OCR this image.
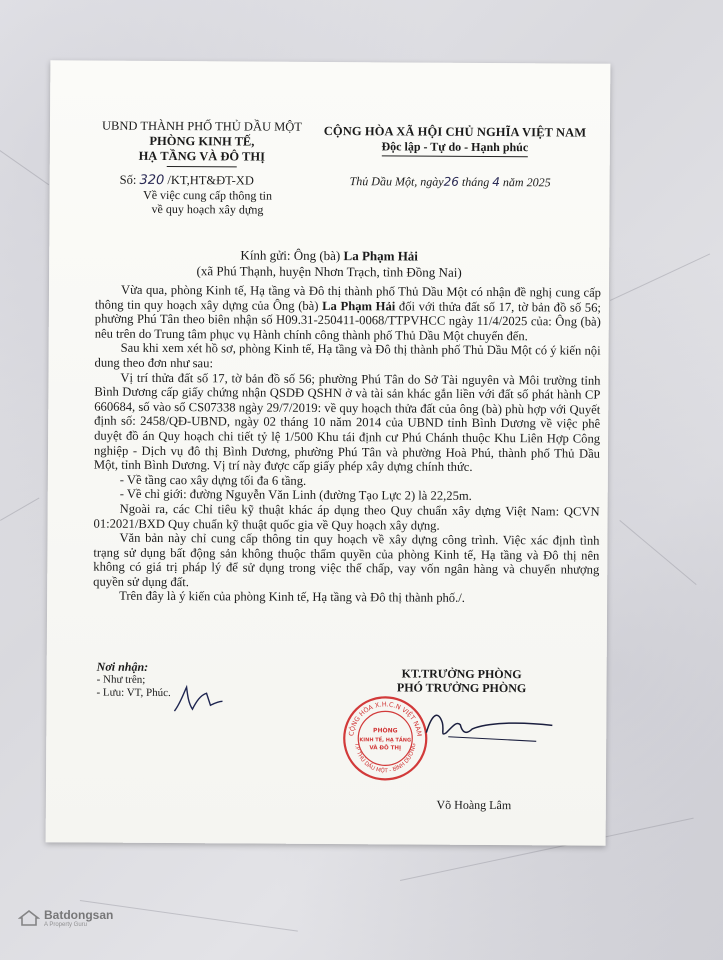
UBND THÀNH PHỐ THỦ DẦU MỘT
PHÒNG KINH TẾ,
HẠ TẦNG VÀ ĐÔ THỊ
CỘNG HÒA XÃ HỘI CHỦ NGHĨA VIỆT NAM
Độc lập - Tự do - Hạnh phúc
Số: 320 /KT,HT&ĐT-XD
Về việc cung cấp thông tin
về quy hoạch xây dựng
Thủ Dầu Một, ngày26 tháng 4 năm 2025
Kính gửi: Ông (bà) La Phạm Hải
(xã Phú Thạnh, huyện Nhơn Trạch, tỉnh Đồng Nai)

Vừa qua, phòng Kinh tế, Hạ tầng và Đô thị thành phố Thủ Dầu Một có nhận đề nghị cung cấp thông tin quy hoạch xây dựng của Ông (bà) La Phạm Hải đối với thửa đất số 17, tờ bản đồ số 56; phường Phú Tân theo biên nhận số H09.31-250411-0068/TTPVHCC ngày 11/4/2025 của: Ông (bà) nêu trên do Trung tâm phục vụ Hành chính công thành phố Thủ Dầu Một chuyển đến.

Sau khi xem xét hồ sơ, phòng Kinh tế, Hạ tầng và Đô thị thành phố Thủ Dầu Một có ý kiến nội dung theo đơn như sau:

Vị trí thửa đất số 17, tờ bản đồ số 56; phường Phú Tân do Sở Tài nguyên và Môi trường tỉnh Bình Dương cấp giấy chứng nhận QSDĐ QSHN ở và tài sản khác gắn liền với đất số phát hành CP 660684, số vào sổ CS07338 ngày 29/7/2019: về quy hoạch thửa đất của ông (bà) phù hợp với Quyết định số: 2458/QĐ-UBND, ngày 02 tháng 10 năm 2014 của UBND tỉnh Bình Dương về việc phê duyệt đồ án Quy hoạch chi tiết tỷ lệ 1/500 Khu tái định cư Phú Chánh thuộc Khu Liên Hợp Công nghiệp - Dịch vụ đô thị Bình Dương, phường Phú Tân và phường Hoà Phú, thành phố Thủ Dầu Một, tỉnh Bình Dương. Vị trí này được cấp giấy phép xây dựng chính thức.

- Về tầng cao xây dựng tối đa 6 tầng.

- Về chỉ giới: đường Nguyễn Văn Linh (đường Tạo Lực 2) là 22,25m.

Ngoài ra, các Chỉ tiêu kỹ thuật khác áp dụng theo Quy chuẩn xây dựng Việt Nam: QCVN 01:2021/BXD Quy chuẩn kỹ thuật quốc gia về Quy hoạch xây dựng.

Văn bản này chỉ cung cấp thông tin quy hoạch về xây dựng công trình. Việc xác định tình trạng sử dụng bất động sản không thuộc thẩm quyền của phòng Kinh tế, Hạ tầng và Đô thị nên không có giá trị pháp lý để sử dụng trong việc thế chấp, vay vốn ngân hàng và chuyển nhượng quyền sử dụng đất.

Trên đây là ý kiến của phòng Kinh tế, Hạ tầng và Đô thị thành phố./.

Nơi nhận:
- Như trên;
- Lưu: VT, Phúc.
KT.TRƯỞNG PHÒNG
PHÓ TRƯỞNG PHÒNG
CỘNG HÒA X.H.C.N VIỆT NAM
T.P THỦ DẦU MỘT - BÌNH DƯƠNG
PHÒNG
KINH TẾ, HẠ TẦNG
VÀ ĐÔ THỊ
Võ Hoàng Lâm
Batdongsan
A Property Guru
